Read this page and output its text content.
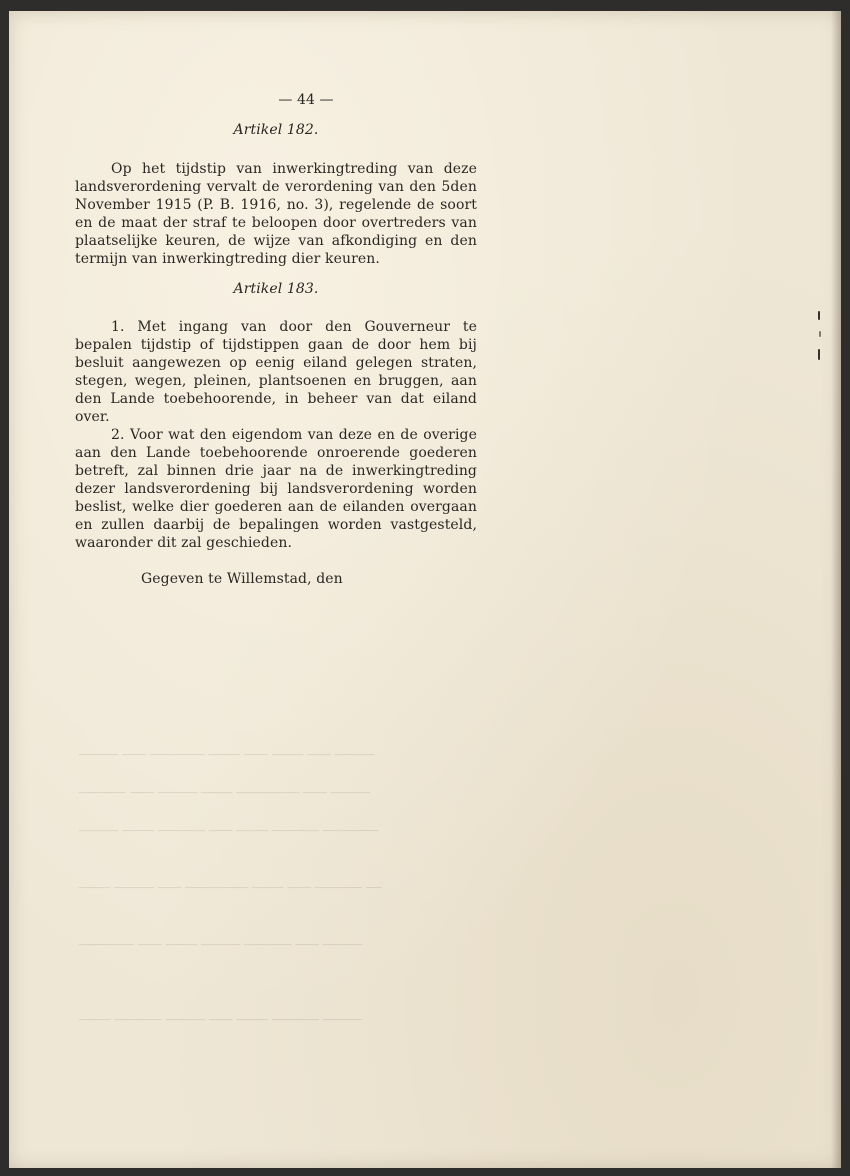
───── ─── ─────── ──── ─── ──── ─── ─────
────── ─── ───── ──── ──────── ─── ─────
───── ──── ────── ─── ──── ────── ───────
──── ───── ─── ──────── ──── ─── ────── ──
─────── ─── ──── ───── ────── ─── ─────
──── ────── ───── ─── ──── ────── ─────
— 44 —

Artikel 182.

Op het tijdstip van inwerkingtreding van deze landsverordening vervalt de verordening van den 5den November 1915 (P. B. 1916, no. 3), regelende de soort en de maat der straf te beloopen door overtreders van plaatselijke keuren, de wijze van afkondiging en den termijn van inwerkingtreding dier keuren.

Artikel 183.

1. Met ingang van door den Gouverneur te bepalen tijdstip of tijdstippen gaan de door hem bij besluit aangewezen op eenig eiland gelegen straten, stegen, wegen, pleinen, plantsoenen en bruggen, aan den Lande toebehoorende, in beheer van dat eiland over.

2. Voor wat den eigendom van deze en de overige aan den Lande toebehoorende onroerende goederen betreft, zal binnen drie jaar na de inwerkingtreding dezer landsverordening bij landsverordening worden beslist, welke dier goederen aan de eilanden overgaan en zullen daarbij de bepalingen worden vastgesteld, waaronder dit zal geschieden.

Gegeven te Willemstad, den
